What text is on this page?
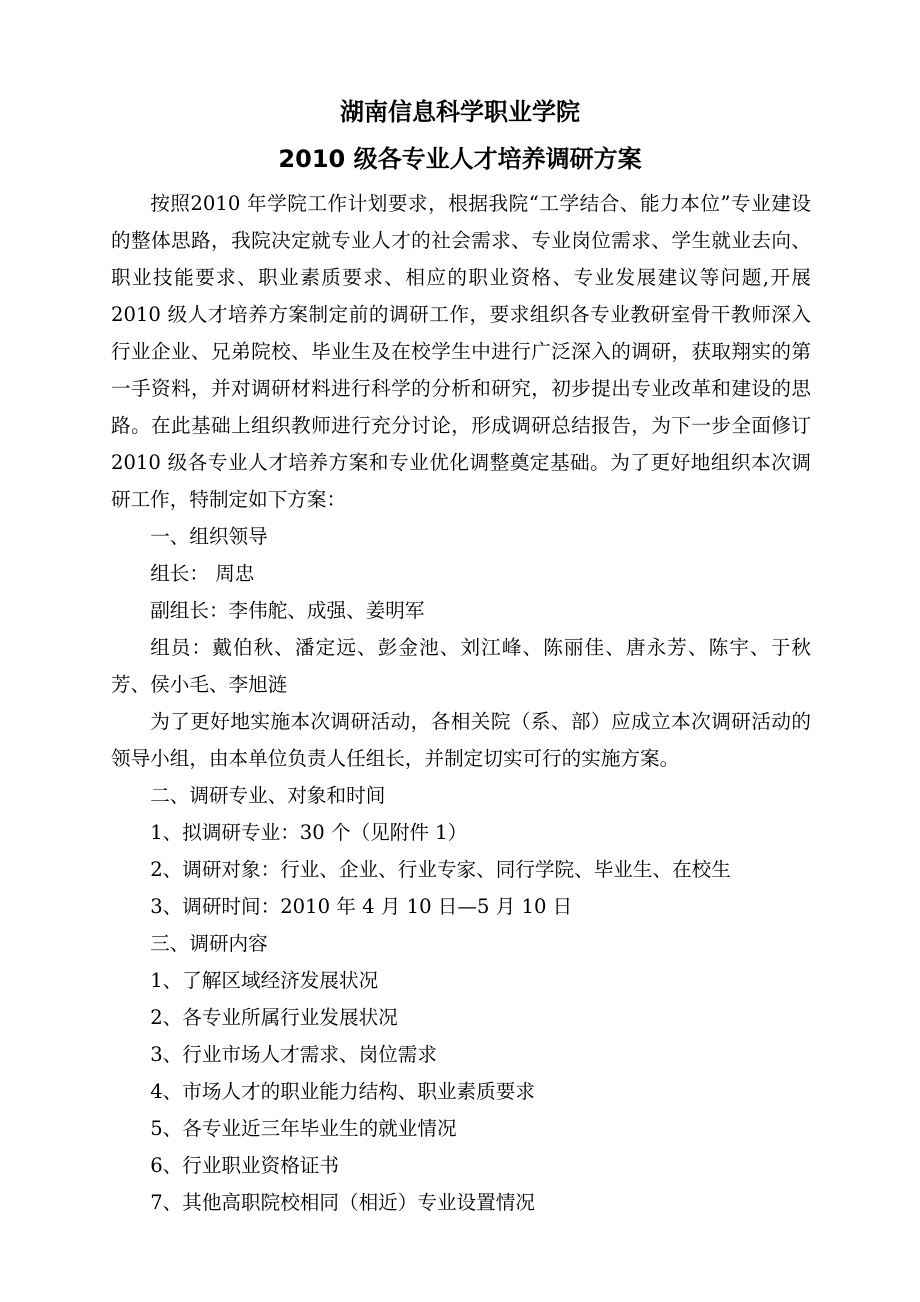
湖南信息科学职业学院
2010 级各专业人才培养调研方案

按照2010 年学院工作计划要求，根据我院“工学结合、能力本位”专业建设的整体思路，我院决定就专业人才的社会需求、专业岗位需求、学生就业去向、职业技能要求、职业素质要求、相应的职业资格、专业发展建议等问题,开展2010 级人才培养方案制定前的调研工作，要求组织各专业教研室骨干教师深入行业企业、兄弟院校、毕业生及在校学生中进行广泛深入的调研，获取翔实的第一手资料，并对调研材料进行科学的分析和研究，初步提出专业改革和建设的思路。在此基础上组织教师进行充分讨论，形成调研总结报告，为下一步全面修订2010 级各专业人才培养方案和专业优化调整奠定基础。为了更好地组织本次调研工作，特制定如下方案：

一、组织领导

组长： 周忠

副组长：李伟舵、成强、姜明军

组员：戴伯秋、潘定远、彭金池、刘江峰、陈丽佳、唐永芳、陈宇、于秋芳、侯小毛、李旭涟

为了更好地实施本次调研活动，各相关院（系、部）应成立本次调研活动的领导小组，由本单位负责人任组长，并制定切实可行的实施方案。

二、调研专业、对象和时间

1、拟调研专业：30 个（见附件 1）

2、调研对象：行业、企业、行业专家、同行学院、毕业生、在校生

3、调研时间：2010 年 4 月 10 日—5 月 10 日

三、调研内容

1、了解区域经济发展状况

2、各专业所属行业发展状况

3、行业市场人才需求、岗位需求

4、市场人才的职业能力结构、职业素质要求

5、各专业近三年毕业生的就业情况

6、行业职业资格证书

7、其他高职院校相同（相近）专业设置情况
